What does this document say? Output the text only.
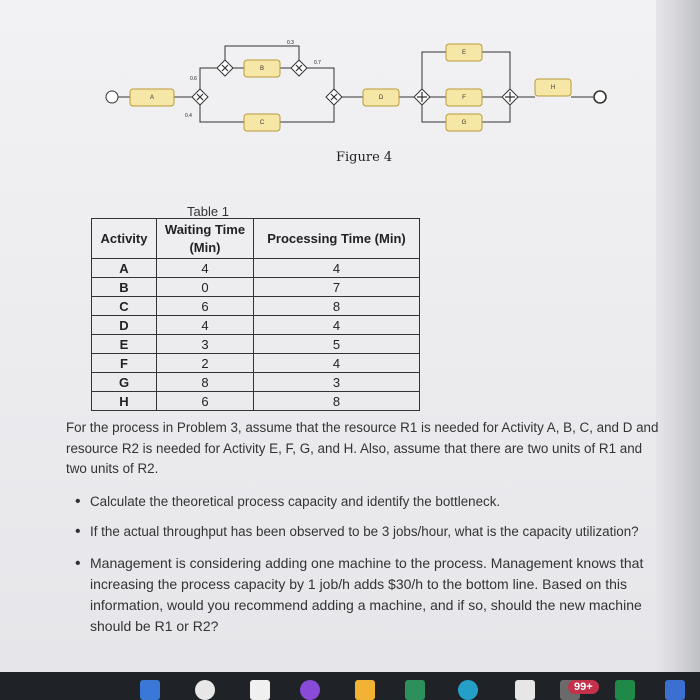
A
B
C
D
E
F
G
H
0.6
0.4
0.3
0.7
Figure 4
Table 1
Activity	Waiting Time (Min)	Processing Time (Min)
A	4	4
B	0	7
C	6	8
D	4	4
E	3	5
F	2	4
G	8	3
H	6	8

For the process in Problem 3, assume that the resource R1 is needed for Activity A, B, C, and D and resource R2 is needed for Activity E, F, G, and H. Also, assume that there are two units of R1 and two units of R2.

• Calculate the theoretical process capacity and identify the bottleneck.

• If the actual throughput has been observed to be 3 jobs/hour, what is the capacity utilization?

• Management is considering adding one machine to the process. Management knows that increasing the process capacity by 1 job/h adds $30/h to the bottom line. Based on this information, would you recommend adding a machine, and if so, should the new machine should be R1 or R2?

99+
